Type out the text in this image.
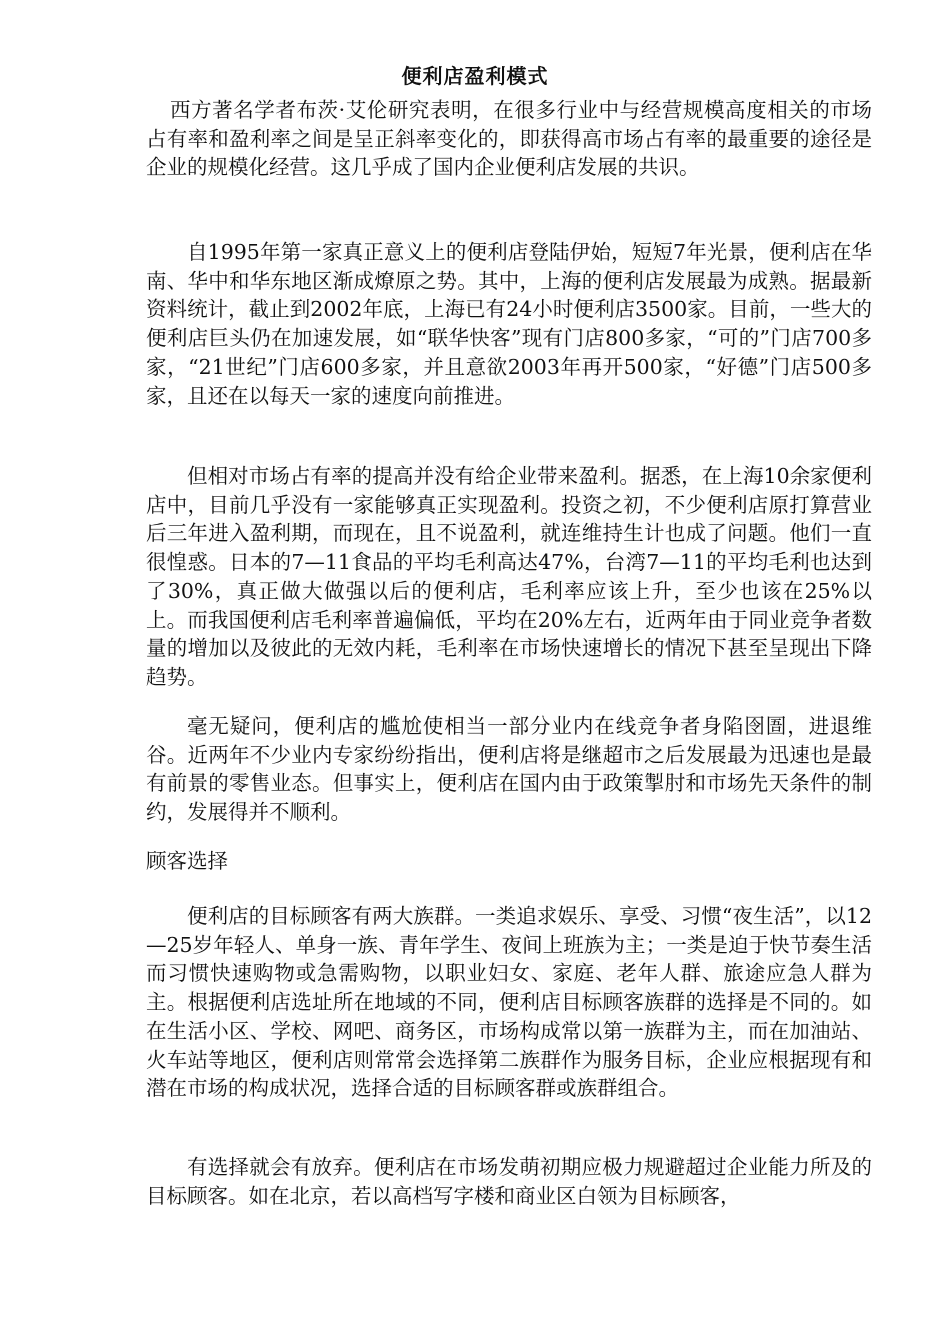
便利店盈利模式

西方著名学者布茨·艾伦研究表明，在很多行业中与经营规模高度相关的市场占有率和盈利率之间是呈正斜率变化的，即获得高市场占有率的最重要的途径是企业的规模化经营。这几乎成了国内企业便利店发展的共识。

自1995年第一家真正意义上的便利店登陆伊始，短短7年光景，便利店在华南、华中和华东地区渐成燎原之势。其中，上海的便利店发展最为成熟。据最新资料统计，截止到2002年底，上海已有24小时便利店3500家。目前，一些大的便利店巨头仍在加速发展，如“联华快客”现有门店800多家，“可的”门店700多家，“21世纪”门店600多家，并且意欲2003年再开500家，“好德”门店500多家，且还在以每天一家的速度向前推进。

但相对市场占有率的提高并没有给企业带来盈利。据悉，在上海10余家便利店中，目前几乎没有一家能够真正实现盈利。投资之初，不少便利店原打算营业后三年进入盈利期，而现在，且不说盈利，就连维持生计也成了问题。他们一直很惶惑。日本的7—11食品的平均毛利高达47%，台湾7—11的平均毛利也达到了30%，真正做大做强以后的便利店，毛利率应该上升，至少也该在25%以上。而我国便利店毛利率普遍偏低，平均在20%左右，近两年由于同业竞争者数量的增加以及彼此的无效内耗，毛利率在市场快速增长的情况下甚至呈现出下降趋势。

毫无疑问，便利店的尴尬使相当一部分业内在线竞争者身陷囹圄，进退维谷。近两年不少业内专家纷纷指出，便利店将是继超市之后发展最为迅速也是最有前景的零售业态。但事实上，便利店在国内由于政策掣肘和市场先天条件的制约，发展得并不顺利。

顾客选择

便利店的目标顾客有两大族群。一类追求娱乐、享受、习惯“夜生活”，以12—25岁年轻人、单身一族、青年学生、夜间上班族为主；一类是迫于快节奏生活而习惯快速购物或急需购物，以职业妇女、家庭、老年人群、旅途应急人群为主。根据便利店选址所在地域的不同，便利店目标顾客族群的选择是不同的。如在生活小区、学校、网吧、商务区，市场构成常以第一族群为主，而在加油站、火车站等地区，便利店则常常会选择第二族群作为服务目标，企业应根据现有和潜在市场的构成状况，选择合适的目标顾客群或族群组合。

有选择就会有放弃。便利店在市场发萌初期应极力规避超过企业能力所及的目标顾客。如在北京，若以高档写字楼和商业区白领为目标顾客，
